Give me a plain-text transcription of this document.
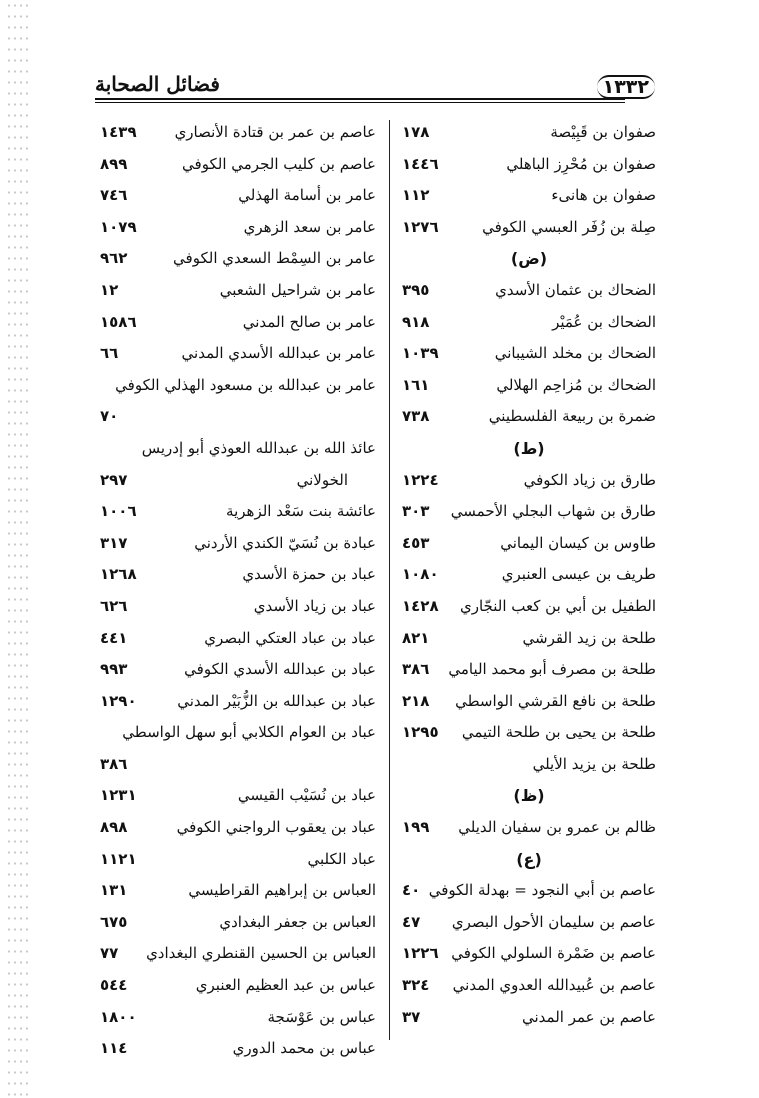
١٣٣٢
فضائل الصحابة
صفوان بن قَبِيْصة
١٧٨
صفوان بن مُحْرِز الباهلي
١٤٤٦
صفوان بن هانىء
١١٢
صِلة بن زُفَر العبسي الكوفي
١٢٧٦
(ض)
الضحاك بن عثمان الأسدي
٣٩٥
الضحاك بن عُمَيْر
٩١٨
الضحاك بن مخلد الشيباني
١٠٣٩
الضحاك بن مُزاحِم الهلالي
١٦١
ضمرة بن ربيعة الفلسطيني
٧٣٨
(ط)
طارق بن زياد الكوفي
١٢٢٤
طارق بن شهاب البجلي الأحمسي
٣٠٣
طاوس بن كيسان اليماني
٤٥٣
طريف بن عيسى العنبري
١٠٨٠
الطفيل بن أبي بن كعب النجّاري
١٤٢٨
طلحة بن زيد القرشي
٨٢١
طلحة بن مصرف أبو محمد اليامي
٣٨٦
طلحة بن نافع القرشي الواسطي
٢١٨
طلحة بن يحيى بن طلحة التيمي
١٢٩٥
طلحة بن يزيد الأيلي
(ظ)
ظالم بن عمرو بن سفيان الديلي
١٩٩
(ع)
عاصم بن أبي النجود = بهدلة الكوفي
٤٠
عاصم بن سليمان الأحول البصري
٤٧
عاصم بن ضَمْرة السلولي الكوفي
١٢٢٦
عاصم بن عُبيدالله العدوي المدني
٣٢٤
عاصم بن عمر المدني
٣٧
عاصم بن عمر بن قتادة الأنصاري
١٤٣٩
عاصم بن كليب الجرمي الكوفي
٨٩٩
عامر بن أسامة الهذلي
٧٤٦
عامر بن سعد الزهري
١٠٧٩
عامر بن السِمْط السعدي الكوفي
٩٦٢
عامر بن شراحيل الشعبي
١٢
عامر بن صالح المدني
١٥٨٦
عامر بن عبدالله الأسدي المدني
٦٦
عامر بن عبدالله بن مسعود الهذلي الكوفي
٧٠
عائذ الله بن عبدالله العوذي أبو إدريس
الخولاني
٢٩٧
عائشة بنت سَعْد الزهرية
١٠٠٦
عبادة بن نُسَيّ الكندي الأردني
٣١٧
عباد بن حمزة الأسدي
١٢٦٨
عباد بن زياد الأسدي
٦٢٦
عباد بن عباد العتكي البصري
٤٤١
عباد بن عبدالله الأسدي الكوفي
٩٩٣
عباد بن عبدالله بن الزُّبَيْر المدني
١٢٩٠
عباد بن العوام الكلابي أبو سهل الواسطي
٣٨٦
عباد بن نُسَيْب القيسي
١٢٣١
عباد بن يعقوب الرواجني الكوفي
٨٩٨
عباد الكلبي
١١٢١
العباس بن إبراهيم القراطيسي
١٣١
العباس بن جعفر البغدادي
٦٧٥
العباس بن الحسين القنطري البغدادي
٧٧
عباس بن عبد العظيم العنبري
٥٤٤
عباس بن عَوْسَجة
١٨٠٠
عباس بن محمد الدوري
١١٤
